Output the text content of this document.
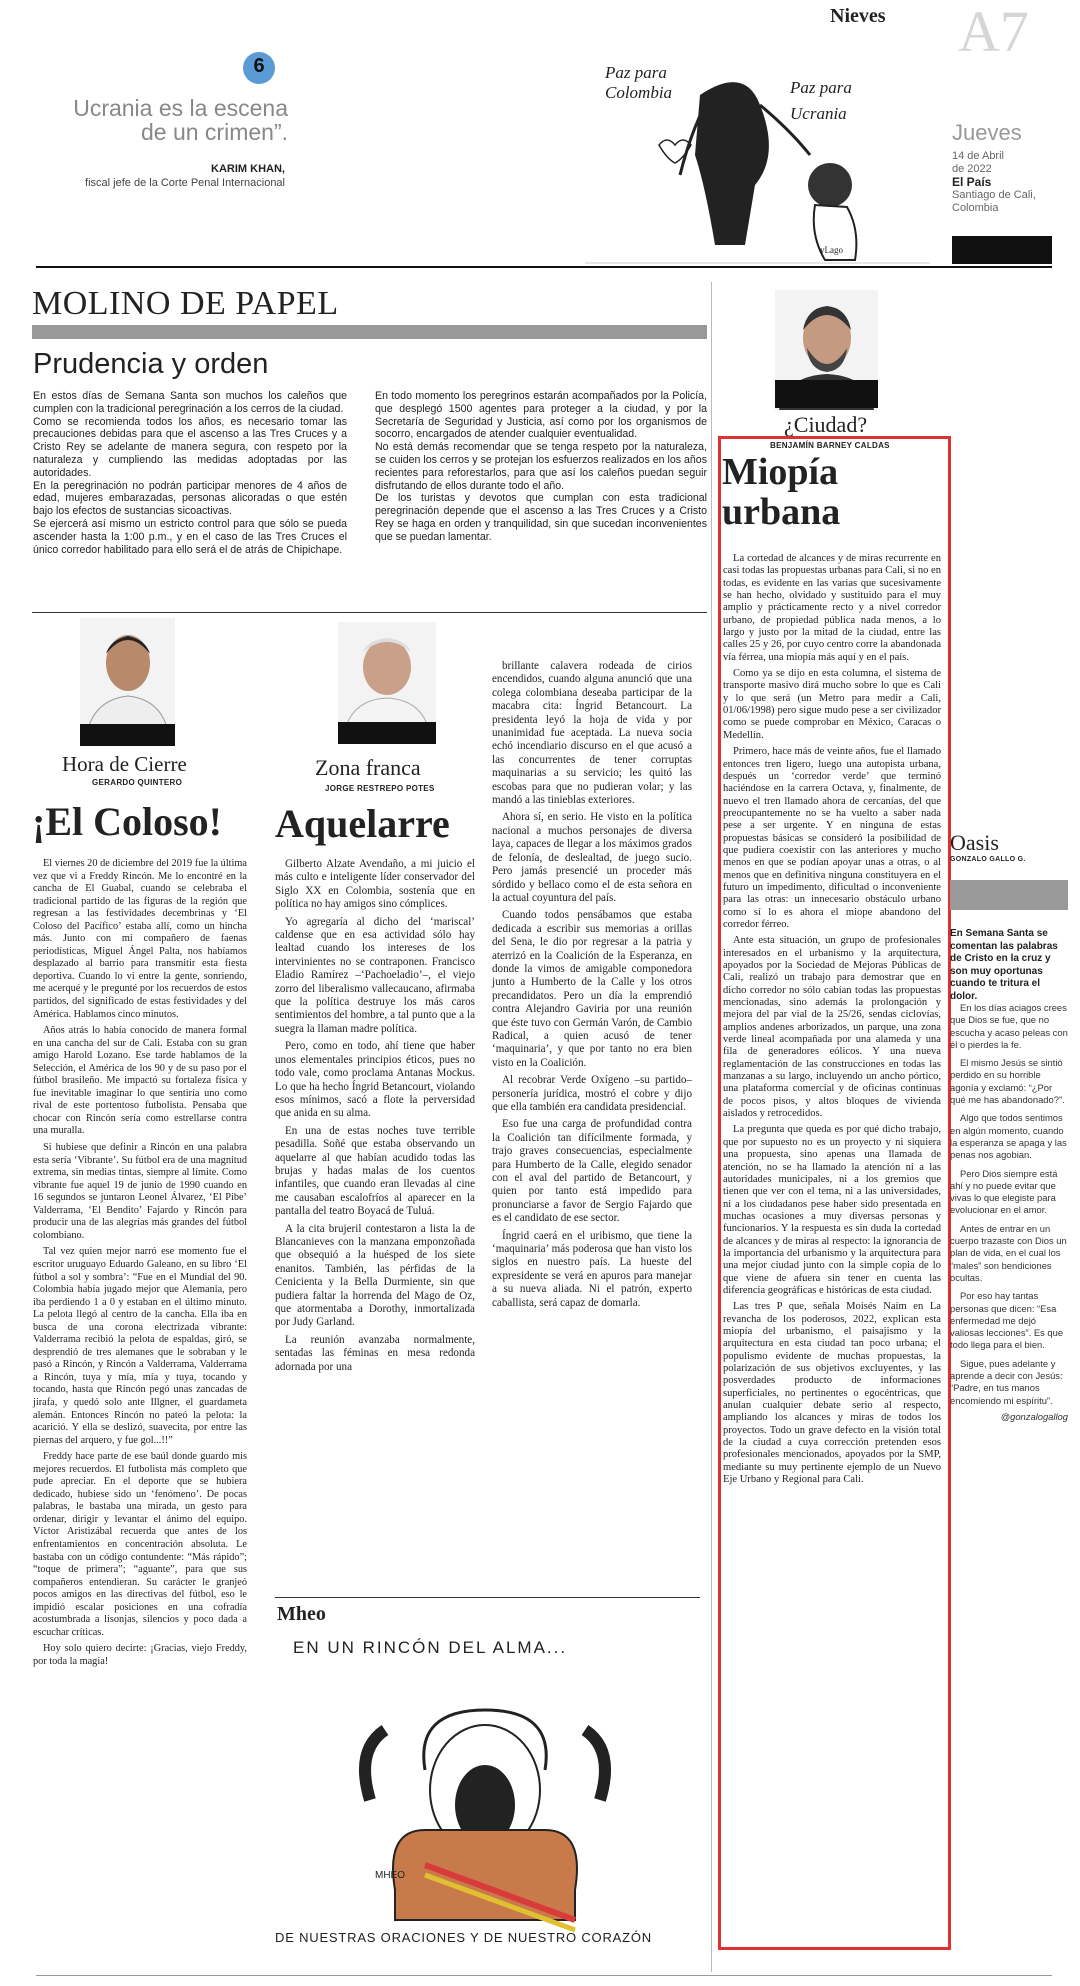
Nieves A7
Jueves
14 de Abril
de 2022
El País
Santiago de Cali,
Colombia
6
Ucrania es la escena de un crimen”.
KARIM KHAN,
fiscal jefe de la Corte Penal Internacional
Paz para Colombia	Paz para Ucrania
vLago
MOLINO DE PAPEL
Prudencia y orden
En estos días de Semana Santa son muchos los caleños que cumplen con la tradicional peregrinación a los cerros de la ciudad.
Como se recomienda todos los años, es necesario tomar las precauciones debidas para que el ascenso a las Tres Cruces y a Cristo Rey se adelante de manera segura, con respeto por la naturaleza y cumpliendo las medidas adoptadas por las autoridades.
En la peregrinación no podrán participar menores de 4 años de edad, mujeres embarazadas, personas alicoradas o que estén bajo los efectos de sustancias sicoactivas.
Se ejercerá así mismo un estricto control para que sólo se pueda ascender hasta la 1:00 p.m., y en el caso de las Tres Cruces el único corredor habilitado para ello será el de atrás de Chipichape.
En todo momento los peregrinos estarán acompañados por la Policía, que desplegó 1500 agentes para proteger a la ciudad, y por la Secretaría de Seguridad y Justicia, así como por los organismos de socorro, encargados de atender cualquier eventualidad.
No está demás recomendar que se tenga respeto por la naturaleza, se cuiden los cerros y se protejan los esfuerzos realizados en los años recientes para reforestarlos, para que así los caleños puedan seguir disfrutando de ellos durante todo el año.
De los turistas y devotos que cumplan con esta tradicional peregrinación depende que el ascenso a las Tres Cruces y a Cristo Rey se haga en orden y tranquilidad, sin que sucedan inconvenientes que se puedan lamentar.
Hora de Cierre
GERARDO QUINTERO
¡El Coloso!

El viernes 20 de diciembre del 2019 fue la última vez que vi a Freddy Rincón. Me lo encontré en la cancha de El Guabal, cuando se celebraba el tradicional partido de las figuras de la región que regresan a las festividades decembrinas y ‘El Coloso del Pacífico’ estaba allí, como un hincha más. Junto con mi compañero de faenas periodísticas, Miguel Ángel Palta, nos habíamos desplazado al barrio para transmitir esta fiesta deportiva. Cuando lo vi entre la gente, sonriendo, me acerqué y le pregunté por los recuerdos de estos partidos, del significado de estas festividades y del América. Hablamos cinco minutos.

Años atrás lo había conocido de manera formal en una cancha del sur de Cali. Estaba con su gran amigo Harold Lozano. Ese tarde hablamos de la Selección, el América de los 90 y de su paso por el fútbol brasileño. Me impactó su fortaleza física y fue inevitable imaginar lo que sentiría uno como rival de este portentoso futbolista. Pensaba que chocar con Rincón sería como estrellarse contra una muralla.

Si hubiese que definir a Rincón en una palabra esta sería ‘Vibrante’. Su fútbol era de una magnitud extrema, sin medias tintas, siempre al límite. Como vibrante fue aquel 19 de junio de 1990 cuando en 16 segundos se juntaron Leonel Álvarez, ‘El Pibe’ Valderrama, ‘El Bendito’ Fajardo y Rincón para producir una de las alegrías más grandes del fútbol colombiano.

Tal vez quien mejor narró ese momento fue el escritor uruguayo Eduardo Galeano, en su libro ‘El fútbol a sol y sombra’: “Fue en el Mundial del 90. Colombia había jugado mejor que Alemania, pero iba perdiendo 1 a 0 y estaban en el último minuto. La pelota llegó al centro de la cancha. Ella iba en busca de una corona electrizada vibrante: Valderrama recibió la pelota de espaldas, giró, se desprendió de tres alemanes que le sobraban y le pasó a Rincón, y Rincón a Valderrama, Valderrama a Rincón, tuya y mía, mía y tuya, tocando y tocando, hasta que Rincón pegó unas zancadas de jirafa, y quedó solo ante Illgner, el guardameta alemán. Entonces Rincón no pateó la pelota: la acarició. Y ella se deslizó, suavecita, por entre las piernas del arquero, y fue gol...!!”

Freddy hace parte de ese baúl donde guardo mis mejores recuerdos. El futbolista más completo que pude apreciar. En el deporte que se hubiera dedicado, hubiese sido un ‘fenómeno’. De pocas palabras, le bastaba una mirada, un gesto para ordenar, dirigir y levantar el ánimo del equipo. Víctor Aristizábal recuerda que antes de los enfrentamientos en concentración absoluta. Le bastaba con un código contundente: “Más rápido”; “toque de primera”; “aguante”, para que sus compañeros entendieran. Su carácter le granjeó pocos amigos en las directivas del fútbol, eso le impidió escalar posiciones en una cofradía acostumbrada a lisonjas, silencios y poco dada a escuchar críticas.

Hoy solo quiero decirte: ¡Gracias, viejo Freddy, por toda la magia!

Zona franca
JORGE RESTREPO POTES
Aquelarre

Gilberto Alzate Avendaño, a mi juicio el más culto e inteligente líder conservador del Siglo XX en Colombia, sostenía que en política no hay amigos sino cómplices.

Yo agregaría al dicho del ‘mariscal’ caldense que en esa actividad sólo hay lealtad cuando los intereses de los intervinientes no se contraponen. Francisco Eladio Ramírez –‘Pachoeladio’–, el viejo zorro del liberalismo vallecaucano, afirmaba que la política destruye los más caros sentimientos del hombre, a tal punto que a la suegra la llaman madre política.

Pero, como en todo, ahí tiene que haber unos elementales principios éticos, pues no todo vale, como proclama Antanas Mockus. Lo que ha hecho Íngrid Betancourt, violando esos mínimos, sacó a flote la perversidad que anida en su alma.

En una de estas noches tuve terrible pesadilla. Soñé que estaba observando un aquelarre al que habían acudido todas las brujas y hadas malas de los cuentos infantiles, que cuando eran llevadas al cine me causaban escalofríos al aparecer en la pantalla del teatro Boyacá de Tuluá.

A la cita brujeril contestaron a lista la de Blancanieves con la manzana emponzoñada que obsequió a la huésped de los siete enanitos. También, las pérfidas de la Cenicienta y la Bella Durmiente, sin que pudiera faltar la horrenda del Mago de Oz, que atormentaba a Dorothy, inmortalizada por Judy Garland.

La reunión avanzaba normalmente, sentadas las féminas en mesa redonda adornada por una

brillante calavera rodeada de cirios encendidos, cuando alguna anunció que una colega colombiana deseaba participar de la macabra cita: Íngrid Betancourt. La presidenta leyó la hoja de vida y por unanimidad fue aceptada. La nueva socia echó incendiario discurso en el que acusó a las concurrentes de tener corruptas maquinarias a su servicio; les quitó las escobas para que no pudieran volar; y las mandó a las tinieblas exteriores.

Ahora sí, en serio. He visto en la política nacional a muchos personajes de diversa laya, capaces de llegar a los máximos grados de felonía, de deslealtad, de juego sucio. Pero jamás presencié un proceder más sórdido y bellaco como el de esta señora en la actual coyuntura del país.

Cuando todos pensábamos que estaba dedicada a escribir sus memorias a orillas del Sena, le dio por regresar a la patria y aterrizó en la Coalición de la Esperanza, en donde la vimos de amigable componedora junto a Humberto de la Calle y los otros precandidatos. Pero un día la emprendió contra Alejandro Gaviria por una reunión que éste tuvo con Germán Varón, de Cambio Radical, a quien acusó de tener ‘maquinaria’, y que por tanto no era bien visto en la Coalición.

Al recobrar Verde Oxígeno –su partido– personería jurídica, mostró el cobre y dijo que ella también era candidata presidencial.

Eso fue una carga de profundidad contra la Coalición tan difícilmente formada, y trajo graves consecuencias, especialmente para Humberto de la Calle, elegido senador con el aval del partido de Betancourt, y quien por tanto está impedido para pronunciarse a favor de Sergio Fajardo que es el candidato de ese sector.

Íngrid caerá en el uribismo, que tiene la ‘maquinaria’ más poderosa que han visto los siglos en nuestro país. La hueste del expresidente se verá en apuros para manejar a su nueva aliada. Ni el patrón, experto caballista, será capaz de domarla.

Mheo
EN UN RINCÓN DEL ALMA...
MHEO
DE NUESTRAS ORACIONES Y DE NUESTRO CORAZÓN
¿Ciudad?
BENJAMÍN BARNEY CALDAS
Miopía
urbana

La cortedad de alcances y de miras recurrente en casi todas las propuestas urbanas para Cali, si no en todas, es evidente en las varias que sucesivamente se han hecho, olvidado y sustituido para el muy amplio y prácticamente recto y a nivel corredor urbano, de propiedad pública nada menos, a lo largo y justo por la mitad de la ciudad, entre las calles 25 y 26, por cuyo centro corre la abandonada vía férrea, una miopía más aquí y en el país.

Como ya se dijo en esta columna, el sistema de transporte masivo dirá mucho sobre lo que es Cali y lo que será (un Metro para medir a Cali, 01/06/1998) pero sigue mudo pese a ser civilizador como se puede comprobar en México, Caracas o Medellín.

Primero, hace más de veinte años, fue el llamado entonces tren ligero, luego una autopista urbana, después un ‘corredor verde’ que terminó haciéndose en la carrera Octava, y, finalmente, de nuevo el tren llamado ahora de cercanías, del que preocupantemente no se ha vuelto a saber nada pese a ser urgente. Y en ninguna de estas propuestas básicas se consideró la posibilidad de que pudiera coexistir con las anteriores y mucho menos en que se podían apoyar unas a otras, o al menos que en definitiva ninguna constituyera en el futuro un impedimento, dificultad o inconveniente para las otras: un innecesario obstáculo urbano como sí lo es ahora el miope abandono del corredor férreo.

Ante esta situación, un grupo de profesionales interesados en el urbanismo y la arquitectura, apoyados por la Sociedad de Mejoras Públicas de Cali, realizó un trabajo para demostrar que en dicho corredor no sólo cabían todas las propuestas mencionadas, sino además la prolongación y mejora del par vial de la 25/26, sendas ciclovías, amplios andenes arborizados, un parque, una zona verde lineal acompañada por una alameda y una fila de generadores eólicos. Y una nueva reglamentación de las construcciones en todas las manzanas a su largo, incluyendo un ancho pórtico, una plataforma comercial y de oficinas continuas de pocos pisos, y altos bloques de vivienda aislados y retrocedidos.

La pregunta que queda es por qué dicho trabajo, que por supuesto no es un proyecto y ni siquiera una propuesta, sino apenas una llamada de atención, no se ha llamado la atención ni a las autoridades municipales, ni a los gremios que tienen que ver con el tema, ni a las universidades, ni a los ciudadanos pese haber sido presentada en muchas ocasiones a muy diversas personas y funcionarios. Y la respuesta es sin duda la cortedad de alcances y de miras al respecto: la ignorancia de la importancia del urbanismo y la arquitectura para una mejor ciudad junto con la simple copia de lo que viene de afuera sin tener en cuenta las diferencia geográficas e históricas de esta ciudad.

Las tres P que, señala Moisés Naím en La revancha de los poderosos, 2022, explican esta miopía del urbanismo, el paisajismo y la arquitectura en esta ciudad tan poco urbana; el populismo evidente de muchas propuestas, la polarización de sus objetivos excluyentes, y las posverdades producto de informaciones superficiales, no pertinentes o egocéntricas, que anulan cualquier debate serio al respecto, ampliando los alcances y miras de todos los proyectos. Todo un grave defecto en la visión total de la ciudad a cuya corrección pretenden esos profesionales mencionados, apoyados por la SMP, mediante su muy pertinente ejemplo de un Nuevo Eje Urbano y Regional para Cali.

Oasis
GONZALO GALLO G.
En Semana Santa se comentan las palabras de Cristo en la cruz y son muy oportunas cuando te tritura el dolor.

En los días aciagos crees que Dios se fue, que no escucha y acaso peleas con él o pierdes la fe.

El mismo Jesús se sintió perdido en su horrible agonía y exclamó: “¿Por qué me has abandonado?”.

Algo que todos sentimos en algún momento, cuando la esperanza se apaga y las penas nos agobian.

Pero Dios siempre está ahí y no puede evitar que vivas lo que elegiste para evolucionar en el amor.

Antes de entrar en un cuerpo trazaste con Dios un plan de vida, en el cual los “males” son bendiciones ocultas.

Por eso hay tantas personas que dicen: “Esa enfermedad me dejó valiosas lecciones”. Es que todo llega para el bien.

Sigue, pues adelante y aprende a decir con Jesús: “Padre, en tus manos encomiendo mi espíritu”.

@gonzalogallog
